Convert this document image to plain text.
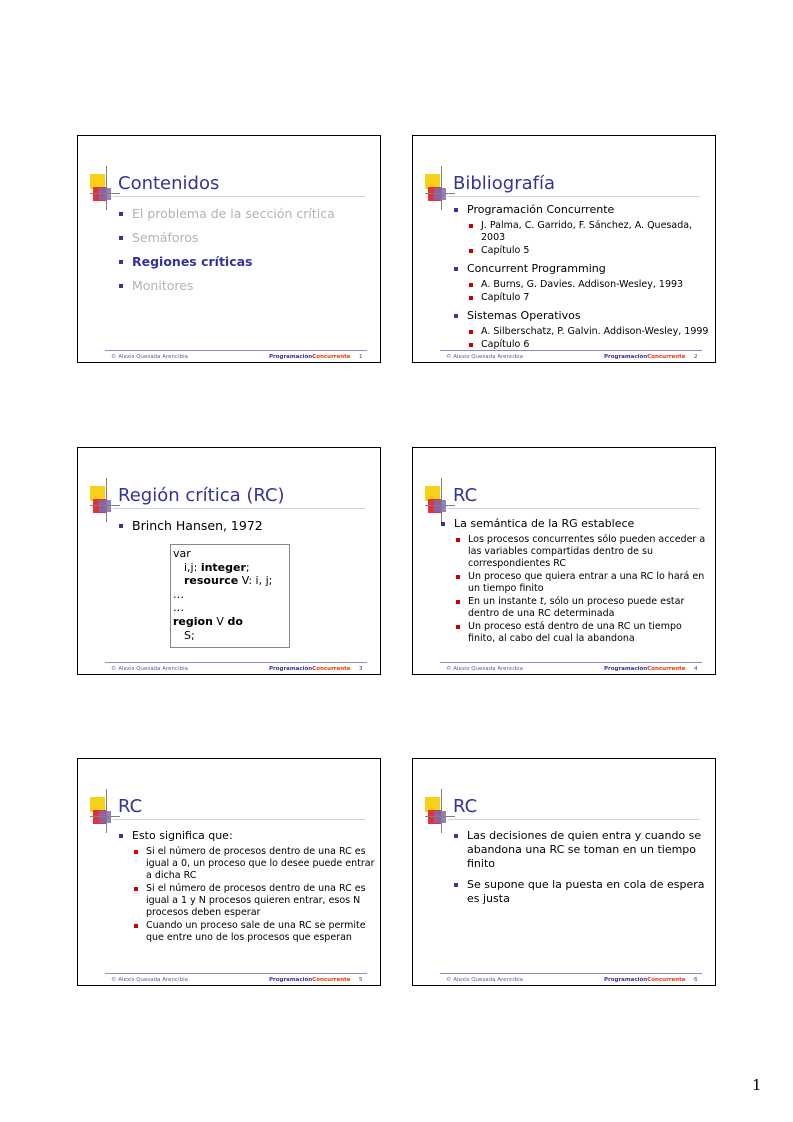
Contenidos
El problema de la sección crítica
Semáforos
Regiones críticas
Monitores
© Alexis Quesada Arencibia	ProgramaciónConcurrente 1
Bibliografía
Programación Concurrente
J. Palma, C. Garrido, F. Sánchez, A. Quesada, 2003
Capítulo 5
Concurrent Programming
A. Burns, G. Davies. Addison-Wesley, 1993
Capítulo 7
Sistemas Operativos
A. Silberschatz, P. Galvin. Addison-Wesley, 1999
Capítulo 6
© Alexis Quesada Arencibia	ProgramaciónConcurrente 2
Región crítica (RC)
Brinch Hansen, 1972
var
i,j: integer;
resource V: i, j;
…
…
region V do
S;
© Alexis Quesada Arencibia	ProgramaciónConcurrente 3
RC
La semántica de la RG establece
Los procesos concurrentes sólo pueden acceder a las variables compartidas dentro de su correspondientes RC
Un proceso que quiera entrar a una RC lo hará en un tiempo finito
En un instante t, sólo un proceso puede estar dentro de una RC determinada
Un proceso está dentro de una RC un tiempo finito, al cabo del cual la abandona
© Alexis Quesada Arencibia	ProgramaciónConcurrente 4
RC
Esto significa que:
Si el número de procesos dentro de una RC es igual a 0, un proceso que lo desee puede entrar a dicha RC
Si el número de procesos dentro de una RC es igual a 1 y N procesos quieren entrar, esos N procesos deben esperar
Cuando un proceso sale de una RC se permite que entre uno de los procesos que esperan
© Alexis Quesada Arencibia	ProgramaciónConcurrente 5
RC
Las decisiones de quien entra y cuando se abandona una RC se toman en un tiempo finito
Se supone que la puesta en cola de espera es justa
© Alexis Quesada Arencibia	ProgramaciónConcurrente 6
1
